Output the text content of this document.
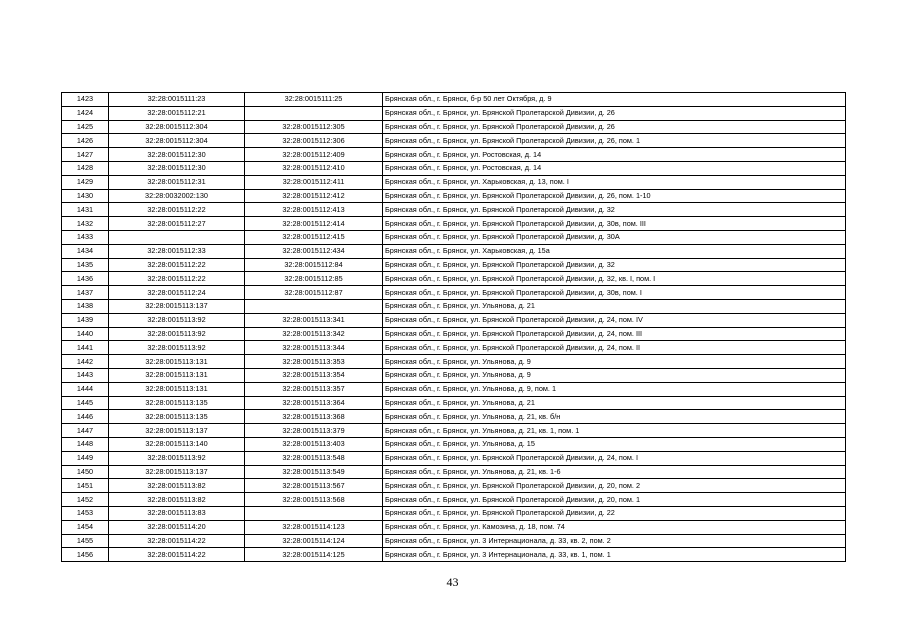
1423	32:28:0015111:23	32:28:0015111:25	Брянская обл., г. Брянск, б-р 50 лет Октября, д. 9
1424	32:28:0015112:21		Брянская обл., г. Брянск, ул. Брянской Пролетарской Дивизии, д. 26
1425	32:28:0015112:304	32:28:0015112:305	Брянская обл., г. Брянск, ул. Брянской Пролетарской Дивизии, д. 26
1426	32:28:0015112:304	32:28:0015112:306	Брянская обл., г. Брянск, ул. Брянской Пролетарской Дивизии, д. 26, пом. 1
1427	32:28:0015112:30	32:28:0015112:409	Брянская обл., г. Брянск, ул. Ростовская, д. 14
1428	32:28:0015112:30	32:28:0015112:410	Брянская обл., г. Брянск, ул. Ростовская, д. 14
1429	32:28:0015112:31	32:28:0015112:411	Брянская обл., г. Брянск, ул. Харьковская, д. 13, пом. I
1430	32:28:0032002:130	32:28:0015112:412	Брянская обл., г. Брянск, ул. Брянской Пролетарской Дивизии, д. 26, пом. 1-10
1431	32:28:0015112:22	32:28:0015112:413	Брянская обл., г. Брянск, ул. Брянской Пролетарской Дивизии, д. 32
1432	32:28:0015112:27	32:28:0015112:414	Брянская обл., г. Брянск, ул. Брянской Пролетарской Дивизии, д. 30в, пом. III
1433		32:28:0015112:415	Брянская обл., г. Брянск, ул. Брянской Пролетарской Дивизии, д. 30А
1434	32:28:0015112:33	32:28:0015112:434	Брянская обл., г. Брянск, ул. Харьковская, д. 15а
1435	32:28:0015112:22	32:28:0015112:84	Брянская обл., г. Брянск, ул. Брянской Пролетарской Дивизии, д. 32
1436	32:28:0015112:22	32:28:0015112:85	Брянская обл., г. Брянск, ул. Брянской Пролетарской Дивизии, д. 32, кв. I, пом. I
1437	32:28:0015112:24	32:28:0015112:87	Брянская обл., г. Брянск, ул. Брянской Пролетарской Дивизии, д. 30в, пом. I
1438	32:28:0015113:137		Брянская обл., г. Брянск, ул. Ульянова, д. 21
1439	32:28:0015113:92	32:28:0015113:341	Брянская обл., г. Брянск, ул. Брянской Пролетарской Дивизии, д. 24, пом. IV
1440	32:28:0015113:92	32:28:0015113:342	Брянская обл., г. Брянск, ул. Брянской Пролетарской Дивизии, д. 24, пом. III
1441	32:28:0015113:92	32:28:0015113:344	Брянская обл., г. Брянск, ул. Брянской Пролетарской Дивизии, д. 24, пом. II
1442	32:28:0015113:131	32:28:0015113:353	Брянская обл., г. Брянск, ул. Ульянова, д. 9
1443	32:28:0015113:131	32:28:0015113:354	Брянская обл., г. Брянск, ул. Ульянова, д. 9
1444	32:28:0015113:131	32:28:0015113:357	Брянская обл., г. Брянск, ул. Ульянова, д. 9, пом. 1
1445	32:28:0015113:135	32:28:0015113:364	Брянская обл., г. Брянск, ул. Ульянова, д. 21
1446	32:28:0015113:135	32:28:0015113:368	Брянская обл., г. Брянск, ул. Ульянова, д. 21, кв. б/н
1447	32:28:0015113:137	32:28:0015113:379	Брянская обл., г. Брянск, ул. Ульянова, д. 21, кв. 1, пом. 1
1448	32:28:0015113:140	32:28:0015113:403	Брянская обл., г. Брянск, ул. Ульянова, д. 15
1449	32:28:0015113:92	32:28:0015113:548	Брянская обл., г. Брянск, ул. Брянской Пролетарской Дивизии, д. 24, пом. I
1450	32:28:0015113:137	32:28:0015113:549	Брянская обл., г. Брянск, ул. Ульянова, д. 21, кв. 1-6
1451	32:28:0015113:82	32:28:0015113:567	Брянская обл., г. Брянск, ул. Брянской Пролетарской Дивизии, д. 20, пом. 2
1452	32:28:0015113:82	32:28:0015113:568	Брянская обл., г. Брянск, ул. Брянской Пролетарской Дивизии, д. 20, пом. 1
1453	32:28:0015113:83		Брянская обл., г. Брянск, ул. Брянской Пролетарской Дивизии, д. 22
1454	32:28:0015114:20	32:28:0015114:123	Брянская обл., г. Брянск, ул. Камозина, д. 18, пом. 74
1455	32:28:0015114:22	32:28:0015114:124	Брянская обл., г. Брянск, ул. 3 Интернационала, д. 33, кв. 2, пом. 2
1456	32:28:0015114:22	32:28:0015114:125	Брянская обл., г. Брянск, ул. 3 Интернационала, д. 33, кв. 1, пом. 1
43
